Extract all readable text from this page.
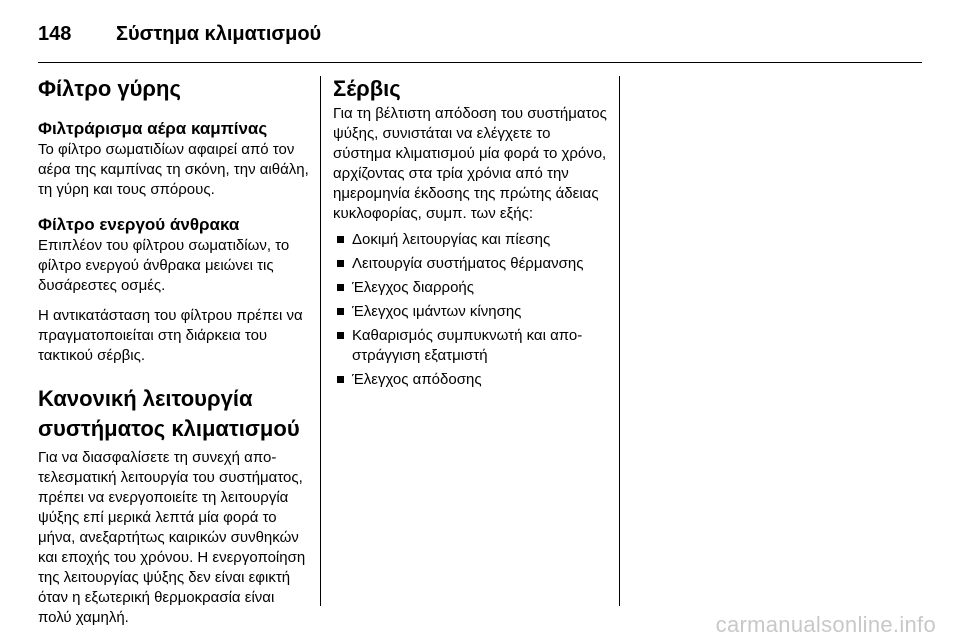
148	Σύστημα κλιματισμού
Φίλτρο γύρης
Φιλτράρισμα αέρα καμπίνας

Το φίλτρο σωματιδίων αφαιρεί από τον αέρα της καμπίνας τη σκόνη, την αιθάλη, τη γύρη και τους σπόρους.

Φίλτρο ενεργού άνθρακα

Επιπλέον του φίλτρου σωματιδίων, το φίλτρο ενεργού άνθρακα μειώνει τις δυσάρεστες οσμές.

Η αντικατάσταση του φίλτρου πρέπει να πραγματοποιείται στη διάρκεια του τακτικού σέρβις.

Κανονική λειτουργία
συστήματος κλιματισμού

Για να διασφαλίσετε τη συνεχή αποτελεσματική λειτουργία του συστήματος, πρέπει να ενεργοποιείτε τη λειτουργία ψύξης επί μερικά λεπτά μία φορά το μήνα, ανεξαρτήτως καιρικών συνθηκών και εποχής του χρόνου. Η ενεργοποίηση της λειτουργίας ψύξης δεν είναι εφικτή όταν η εξωτερική θερμοκρασία είναι πολύ χαμηλή.

Σέρβις

Για τη βέλτιστη απόδοση του συστήματος ψύξης, συνιστάται να ελέγχετε το σύστημα κλιματισμού μία φορά το χρόνο, αρχίζοντας στα τρία χρόνια από την ημερομηνία έκδοσης της πρώτης άδειας κυκλοφορίας, συμπ. των εξής:

Δοκιμή λειτουργίας και πίεσης
Λειτουργία συστήματος θέρμανσης
Έλεγχος διαρροής
Έλεγχος ιμάντων κίνησης
Καθαρισμός συμπυκνωτή και αποστράγγιση εξατμιστή
Έλεγχος απόδοσης
carmanualsonline.info
